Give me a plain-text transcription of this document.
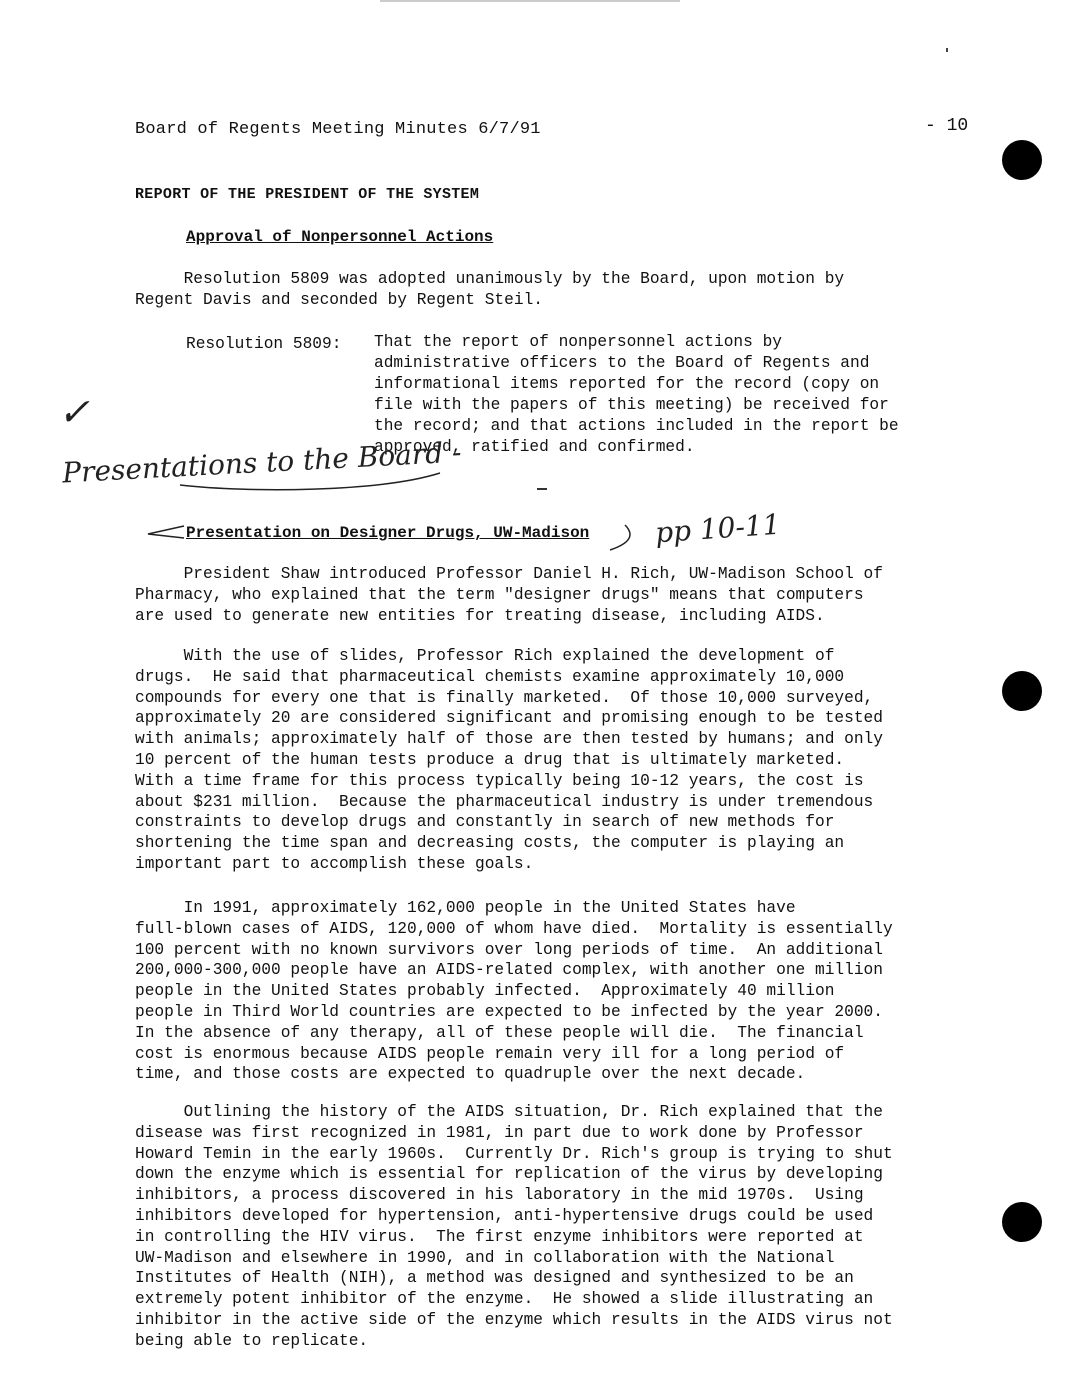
Board of Regents Meeting Minutes 6/7/91	- 10
REPORT OF THE PRESIDENT OF THE SYSTEM
Approval of Nonpersonnel Actions
Resolution 5809 was adopted unanimously by the Board, upon motion by
Regent Davis and seconded by Regent Steil.
Resolution 5809: That the report of nonpersonnel actions by
administrative officers to the Board of Regents and
informational items reported for the record (copy on
file with the papers of this meeting) be received for
the record; and that actions included in the report be
approved, ratified and confirmed.
✓
Presentations to the Board -
pp 10-11
Presentation on Designer Drugs, UW-Madison
President Shaw introduced Professor Daniel H. Rich, UW-Madison School of
Pharmacy, who explained that the term "designer drugs" means that computers
are used to generate new entities for treating disease, including AIDS.
With the use of slides, Professor Rich explained the development of
drugs.  He said that pharmaceutical chemists examine approximately 10,000
compounds for every one that is finally marketed.  Of those 10,000 surveyed,
approximately 20 are considered significant and promising enough to be tested
with animals; approximately half of those are then tested by humans; and only
10 percent of the human tests produce a drug that is ultimately marketed.
With a time frame for this process typically being 10-12 years, the cost is
about $231 million.  Because the pharmaceutical industry is under tremendous
constraints to develop drugs and constantly in search of new methods for
shortening the time span and decreasing costs, the computer is playing an
important part to accomplish these goals.
In 1991, approximately 162,000 people in the United States have
full-blown cases of AIDS, 120,000 of whom have died.  Mortality is essentially
100 percent with no known survivors over long periods of time.  An additional
200,000-300,000 people have an AIDS-related complex, with another one million
people in the United States probably infected.  Approximately 40 million
people in Third World countries are expected to be infected by the year 2000.
In the absence of any therapy, all of these people will die.  The financial
cost is enormous because AIDS people remain very ill for a long period of
time, and those costs are expected to quadruple over the next decade.
Outlining the history of the AIDS situation, Dr. Rich explained that the
disease was first recognized in 1981, in part due to work done by Professor
Howard Temin in the early 1960s.  Currently Dr. Rich's group is trying to shut
down the enzyme which is essential for replication of the virus by developing
inhibitors, a process discovered in his laboratory in the mid 1970s.  Using
inhibitors developed for hypertension, anti-hypertensive drugs could be used
in controlling the HIV virus.  The first enzyme inhibitors were reported at
UW-Madison and elsewhere in 1990, and in collaboration with the National
Institutes of Health (NIH), a method was designed and synthesized to be an
extremely potent inhibitor of the enzyme.  He showed a slide illustrating an
inhibitor in the active side of the enzyme which results in the AIDS virus not
being able to replicate.
